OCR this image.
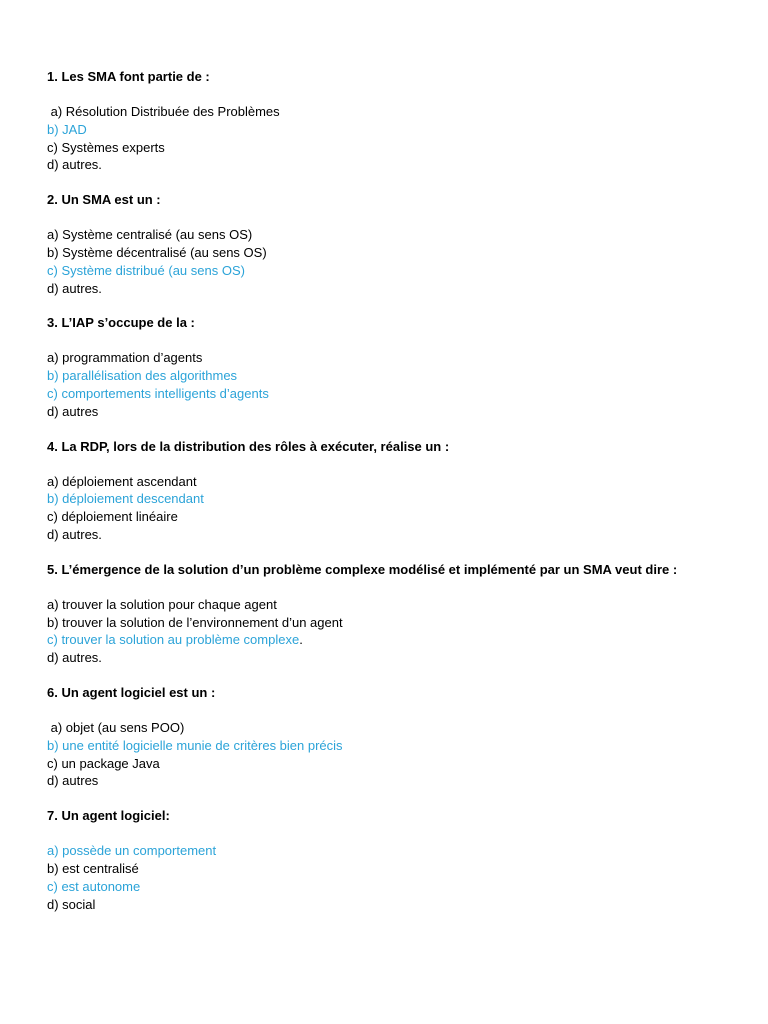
1. Les SMA font partie de :
a) Résolution Distribuée des Problèmes
b) JAD
c) Systèmes experts
d) autres.
2. Un SMA est un :
a) Système centralisé (au sens OS)
b) Système décentralisé (au sens OS)
c) Système distribué (au sens OS)
d) autres.
3. L’IAP s’occupe de la :
a) programmation d’agents
b) parallélisation des algorithmes
c) comportements intelligents d’agents
d) autres
4. La RDP, lors de la distribution des rôles à exécuter, réalise un :
a) déploiement ascendant
b) déploiement descendant
c) déploiement linéaire
d) autres.
5. L’émergence de la solution d’un problème complexe modélisé et implémenté par un SMA veut dire :
a) trouver la solution pour chaque agent
b) trouver la solution de l’environnement d’un agent
c) trouver la solution au problème complexe.
d) autres.
6. Un agent logiciel est un :
a) objet (au sens POO)
b) une entité logicielle munie de critères bien précis
c) un package Java
d) autres
7. Un agent logiciel:
a) possède un comportement
b) est centralisé
c) est autonome
d) social
